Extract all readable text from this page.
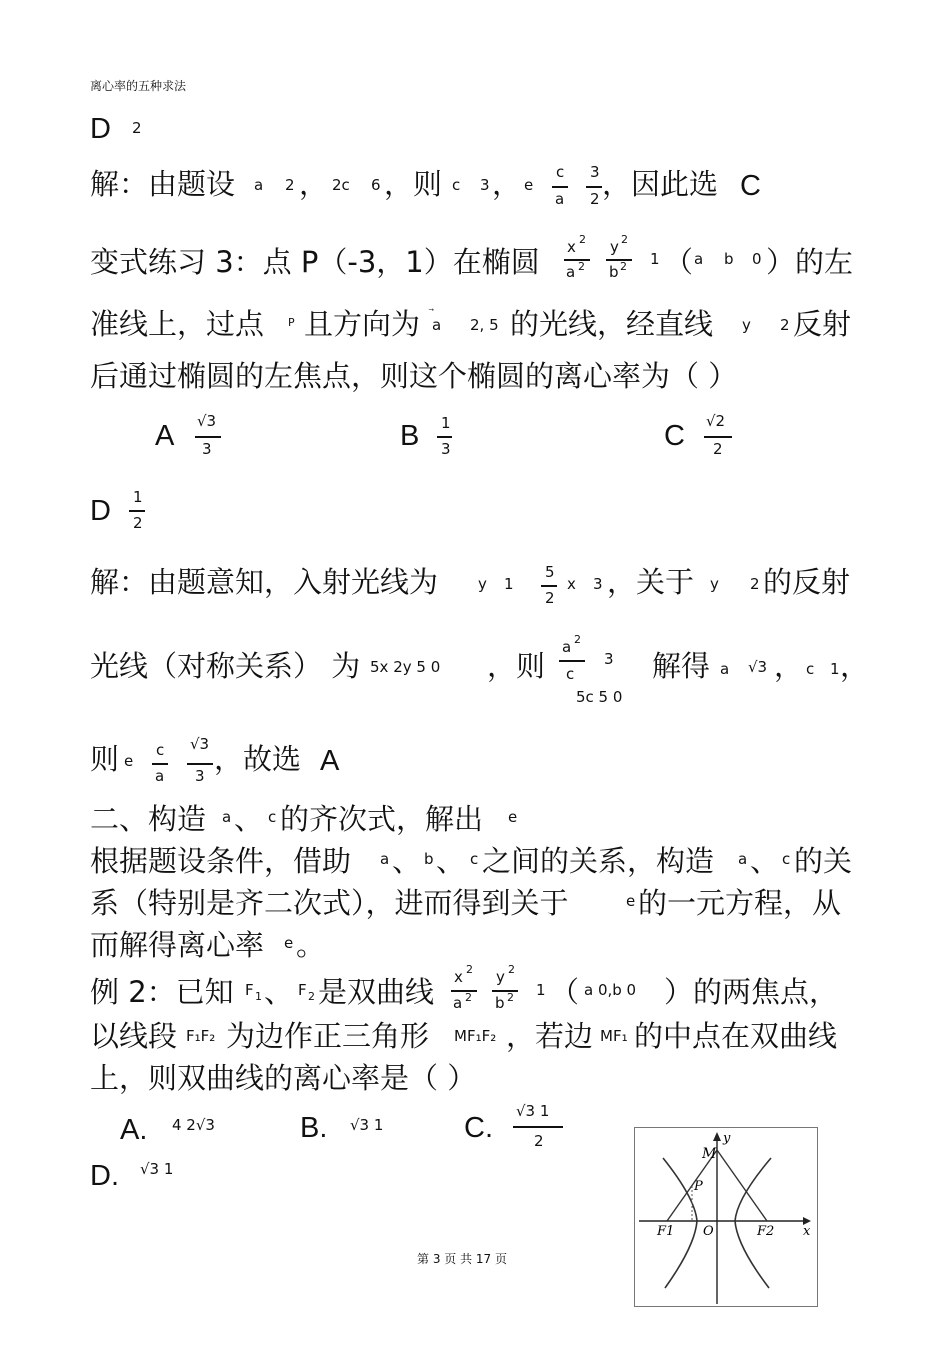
离心率的五种求法
D 2
解：由题设 a 2 ， 2c 6 ，则 c 3 ， e
c
a
3
2 ，因此选 C
变式练习 3：点 P（-3，1）在椭圆 x 2
a 2
y 2
b 2 1 （ a b 0 ）的左
准线上，过点 P 且方向为 a 2, 5 的光线，经直线 y 2 反射
后通过椭圆的左焦点，则这个椭圆的离心率为（ ）
A √3
3	B 1
3	C √2
2
D 1
2
解：由题意知，入射光线为	y 1
5
2
x 3 ，关于 y 2 的反射
光线（对称关系） 为 5x 2y 5 0 ，则
a 2
c
3
5c 5 0
解得 a √3 ， c 1 ，
则 e
c
a
√3
3 ，故选 A
二、构造 a 、 c 的齐次式，解出 e
根据题设条件，借助 a 、 b 、 c 之间的关系，构造 a 、 c 的关
系（特别是齐二次式），进而得到关于	e 的一元方程，从
而解得离心率 e 。
例 2：已知 F 1 、 F 2 是双曲线 x 2
a 2
y 2
b 2 1 （ a 0,b 0 ）的两焦点，
以线段 F₁F₂ 为边作正三角形 MF₁F₂ ，若边 MF₁ 的中点在双曲线
上，则双曲线的离心率是（ ）
A. 4 2√3	B. √3 1	C.
√3 1
2
D. √3 1
M
y
P
F1 O	F2 x
第 3 页 共 17 页
